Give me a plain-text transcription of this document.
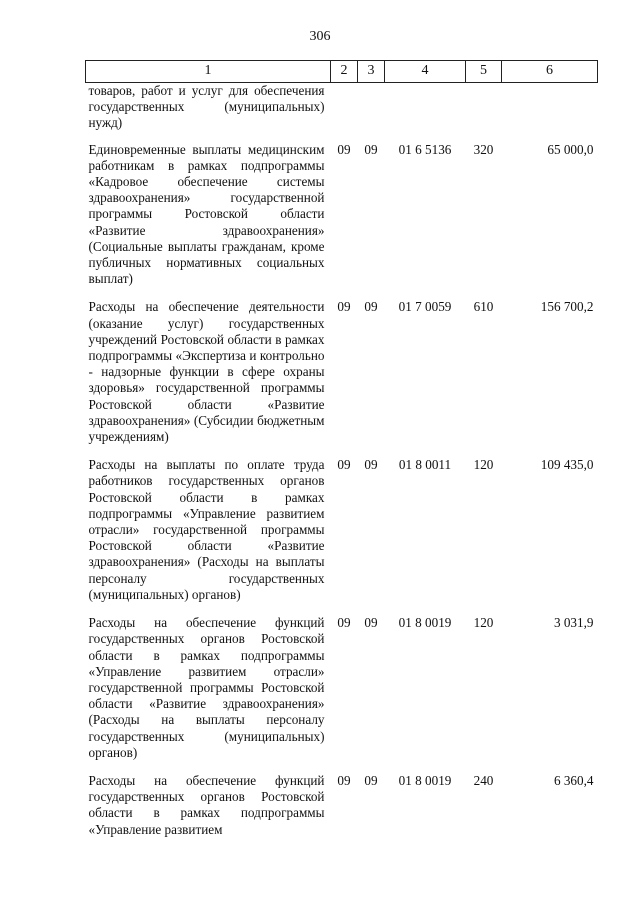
306
1	2	3	4	5	6
товаров, работ и услуг для обеспечения государственных (муниципальных) нужд)					
Единовременные выплаты медицинским работникам в рамках подпрограммы «Кадровое обеспечение системы здравоохранения» государственной программы Ростовской области «Развитие здравоохранения» (Социальные выплаты гражданам, кроме публичных нормативных социальных выплат)	09	09	01 6 5136	320	65 000,0
Расходы на обеспечение деятельности (оказание услуг) государственных учреждений Ростовской области в рамках подпрограммы «Экспертиза и контрольно - надзорные функции в сфере охраны здоровья» государственной программы Ростовской области «Развитие здравоохранения» (Субсидии бюджетным учреждениям)	09	09	01 7 0059	610	156 700,2
Расходы на выплаты по оплате труда работников государственных органов Ростовской области в рамках подпрограммы «Управление развитием отрасли» государственной программы Ростовской области «Развитие здравоохранения» (Расходы на выплаты персоналу государственных (муниципальных) органов)	09	09	01 8 0011	120	109 435,0
Расходы на обеспечение функций государственных органов Ростовской области в рамках подпрограммы «Управление развитием отрасли» государственной программы Ростовской области «Развитие здравоохранения» (Расходы на выплаты персоналу государственных (муниципальных) органов)	09	09	01 8 0019	120	3 031,9
Расходы на обеспечение функций государственных органов Ростовской области в рамках подпрограммы «Управление развитием	09	09	01 8 0019	240	6 360,4
